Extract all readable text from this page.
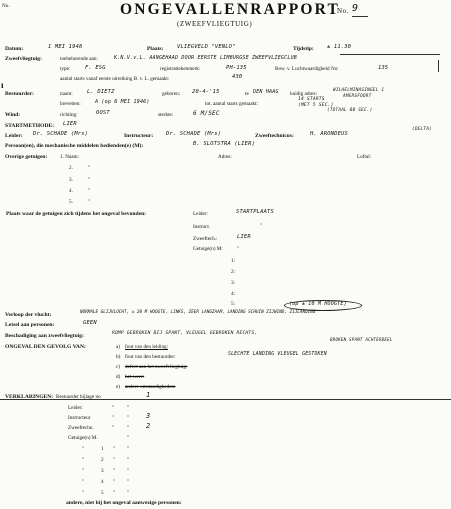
No.	ONGEVALLENRAPPORT
No. 9
(ZWEEFVLIEGTUIG)
Datum:	1 MEI 1948	Plaats:	VLIEGVELD "VENLO"	Tijdstip: ± 11.30
Zweefvliegtuig:	toebehorende aan:	K.N.V.v.L. AANGEHAAD DOOR EERSTE LIMBURGSE ZWEEFVLIEGCLUB
type:	F. ESG	registratiekenmerk:	PH-135	Bow. v. Luchtwaardigheid No:	135
aantal starts vanaf eerste uitreiking B. v. L. gemaakt:	430
ı
Bestuurder:	naam:	L. DIETZ	geboren: 20-4-'15	te DEN HAAG huidig adres:
WILHELMINASINGEL 1
AMERSFOORT
brevetten:	A (op 6 MEI 1946)	tot. aantal starts gemaakt:
14 STARTS
(MET 5 SEC.)
(TOTAAL 80 SEC.)
Wind:	richting:	OOST	sterkte:	6 M/SEC
STARTMETHODE: LIER
Leider: Dr. SCHADE (Mrs)	Instructeur: Dr. SCHADE (Mrs)	Zweeftechnicus:	H. ARONDEUS
(DELTA)
Persoon(en), die mechanische middelen bedienden(e) (M):	B. SLOTSTRA (LIER)
Overige getuigen: 1. Naam:	Adres:	Loftal:
2.	"
3.	"
4.	"
5.	"
Plaats waar de getuigen zich tijdens het ongeval bevonden:	Leider:	STARTPLAATS
Instruct.	"
Zweeftech.:	LIER
Getuige(n) M:	"
1:
2:
3:
4:
5:	(op ± 10 M HOOGTE)
Verloop der vlucht:	NORMALE GLIJVLUCHT, ± 20 M HOOGTE, LINKS, ZEER LANGZAAM, LANDING SCHUIN ZIJWIND, ZIJLANDING
Letsel aan personen:	GEEN
Beschadiging aan zweefvliegtuig:	ROMP GEBROKEN BIJ SPANT, VLEUGEL GEBROKEN RECHTS,
BROKEN SPANT ACHTERDEEL
ONGEVAL DEN GEVOLG VAN:	a) fout van den leiding:
b) fout van den bestuurder:	SLECHTE LANDING VLEUGEL GESTOKEN
c) defect aan het zweefvliegtuig:
d) het weer:
e) andere omstandigheden:
VERKLARINGEN: Bestuurder bijlage no	1
Leider:	" "
Instructeur	" " 3
Zweeftechn.	" " 2
Getuige(n) M.	"
"	1 " "
"	2 " "
"	3 " "
"	4 " "
"	5 " "
andere, niet bij het ongeval aanwezige personen:
